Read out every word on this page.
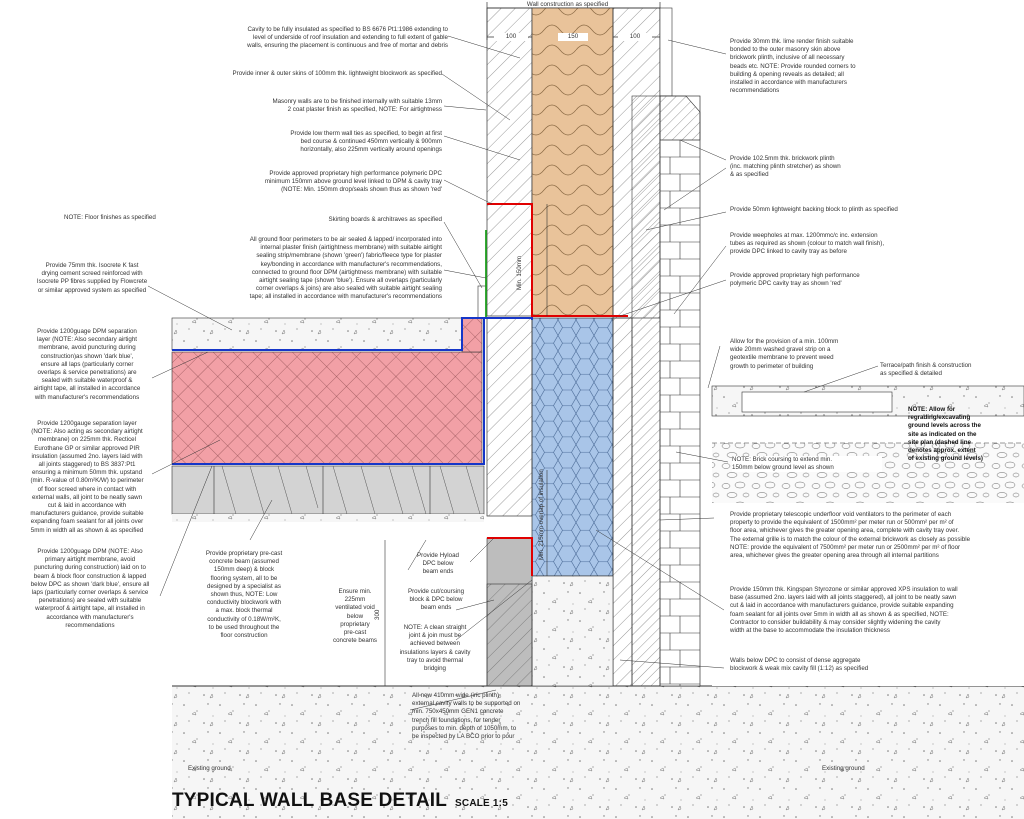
Wall construction as specified
100	150	100
Min. 150mm
Min. 215mm overlap of insulation
300
Cavity to be fully insulated as specified to BS 6676 Pt1:1986 extending to
level of underside of roof insulation and extending to full extent of gable
walls, ensuring the placement is continuous and free of mortar and debris
Provide inner & outer skins of 100mm thk. lightweight blockwork as specified
Masonry walls are to be finished internally with suitable 13mm
2 coat plaster finish as specified, NOTE: For airtightness
Provide low therm wall ties as specified, to begin at first
bed course & continued 450mm vertically & 900mm
horizontally, also 225mm vertically around openings
Provide approved proprietary high performance polymeric DPC
minimum 150mm above ground level linked to DPM & cavity tray
(NOTE: Min. 150mm drop/seals shown thus as shown 'red'
NOTE: Floor finishes as specified	Skirting boards & architraves as specified
All ground floor perimeters to be air sealed & lapped/ incorporated into
internal plaster finish (airtightness membrane) with suitable airtight
sealing strip/membrane (shown 'green') fabric/fleece type for plaster
key/bonding in accordance with manufacturer's recommendations,
connected to ground floor DPM (airtightness membrane) with suitable
airtight sealing tape (shown 'blue'). Ensure all overlaps (particularly
corner overlaps & joins) are also sealed with suitable airtight sealing
tape; all installed in accordance with manufacturer's recommendations
Provide 75mm thk. Isocrete K fast
drying cement screed reinforced with
Isocrete PP fibres supplied by Flowcrete
or similar approved system as specified
Provide 1200guage DPM separation
layer (NOTE: Also secondary airtight
membrane, avoid puncturing during
construction)as shown 'dark blue',
ensure all laps (particularly corner
overlaps & service penetrations) are
sealed with suitable waterproof &
airtight tape, all installed in accordance
with manufacturer's recommendations
Provide 1200gauge separation layer
(NOTE: Also acting as secondary airtight
membrane) on 225mm thk. Recticel
Eurothane GP or similar approved PIR
insulation (assumed 2no. layers laid with
all joints staggered) to BS 3837:Pt1
ensuring a minimum 50mm thk. upstand
(min. R-value of 0.80m²K/W) to perimeter
of floor screed where in contact with
external walls, all joint to be neatly sawn
cut & laid in accordance with
manufacturers guidance, provide suitable
expanding foam sealant for all joints over
5mm in width all as shown & as specified
Provide 1200guage DPM (NOTE: Also
primary airtight membrane, avoid
puncturing during construction) laid on to
beam & block floor construction & lapped
below DPC as shown 'dark blue', ensure all
laps (particularly corner overlaps & service
penetrations) are sealed with suitable
waterproof & airtight tape, all installed in
accordance with manufacturer's
recommendations
Provide proprietary pre-cast
concrete beam (assumed
150mm deep) & block
flooring system, all to be
designed by a specialist as
shown thus, NOTE: Low
conductivity blockwork with
a max. block thermal
conductivity of 0.18W/m²K,
to be used throughout the
floor construction
Ensure min.
225mm
ventilated void
below
proprietary
pre-cast
concrete beams
Provide Hyload
DPC below
beam ends
Provide cut/coursing
block & DPC below
beam ends
NOTE: A clean straight
joint & join must be
achieved between
insulations layers & cavity
tray to avoid thermal
bridging
All new 410mm wide (inc plinth)
external cavity walls to be supported on
min. 750x450mm GEN1 concrete
trench fill foundations, for tender
purposes to min. depth of 1050mm, to
be inspected by LA BCO prior to pour
Provide 30mm thk. lime render finish suitable
bonded to the outer masonry skin above
brickwork plinth, inclusive of all necessary
beads etc. NOTE: Provide rounded corners to
building & opening reveals as detailed; all
installed in accordance with manufacturers
recommendations
Provide 102.5mm thk. brickwork plinth
(inc. matching plinth stretcher) as shown
& as specified
Provide 50mm lightweight backing block to plinth as specified
Provide weepholes at max. 1200mmc/c inc. extension
tubes as required as shown (colour to match wall finish),
provide DPC linked to cavity tray as before
Provide approved proprietary high performance
polymeric DPC cavity tray as shown 'red'
Allow for the provision of a min. 100mm
wide 20mm washed gravel strip on a
geotextile membrane to prevent weed
growth to perimeter of building	Terrace/path finish & construction
as specified & detailed
NOTE: Allow for
regrading/excavating
ground levels across the
site as indicated on the
site plan (dashed line
denotes approx. extent
of existing ground levels)
NOTE: Brick coursing to extend min.
150mm below ground level as shown
Provide proprietary telescopic underfloor void ventilators to the perimeter of each
property to provide the equivalent of 1500mm² per meter run or 500mm² per m² of
floor area, whichever gives the greater opening area, complete with cavity tray over.
The external grille is to match the colour of the external brickwork as closely as possible
NOTE: provide the equivalent of 7500mm² per meter run or 2500mm² per m² of floor
area, whichever gives the greater opening area through all internal partitions
Provide 150mm thk. Kingspan Styrozone or similar approved XPS insulation to wall
base (assumed 2no. layers laid with all joints staggered), all joint to be neatly sawn
cut & laid in accordance with manufacturers guidance, provide suitable expanding
foam sealant for all joints over 5mm in width all as shown & as specified, NOTE:
Contractor to consider buildability & may consider slightly widening the cavity
width at the base to accommodate the insulation thickness
Walls below DPC to consist of dense aggregate
blockwork & weak mix cavity fill (1:12) as specified
Existing ground	Existing ground
TYPICAL WALL BASE DETAIL SCALE 1:5
